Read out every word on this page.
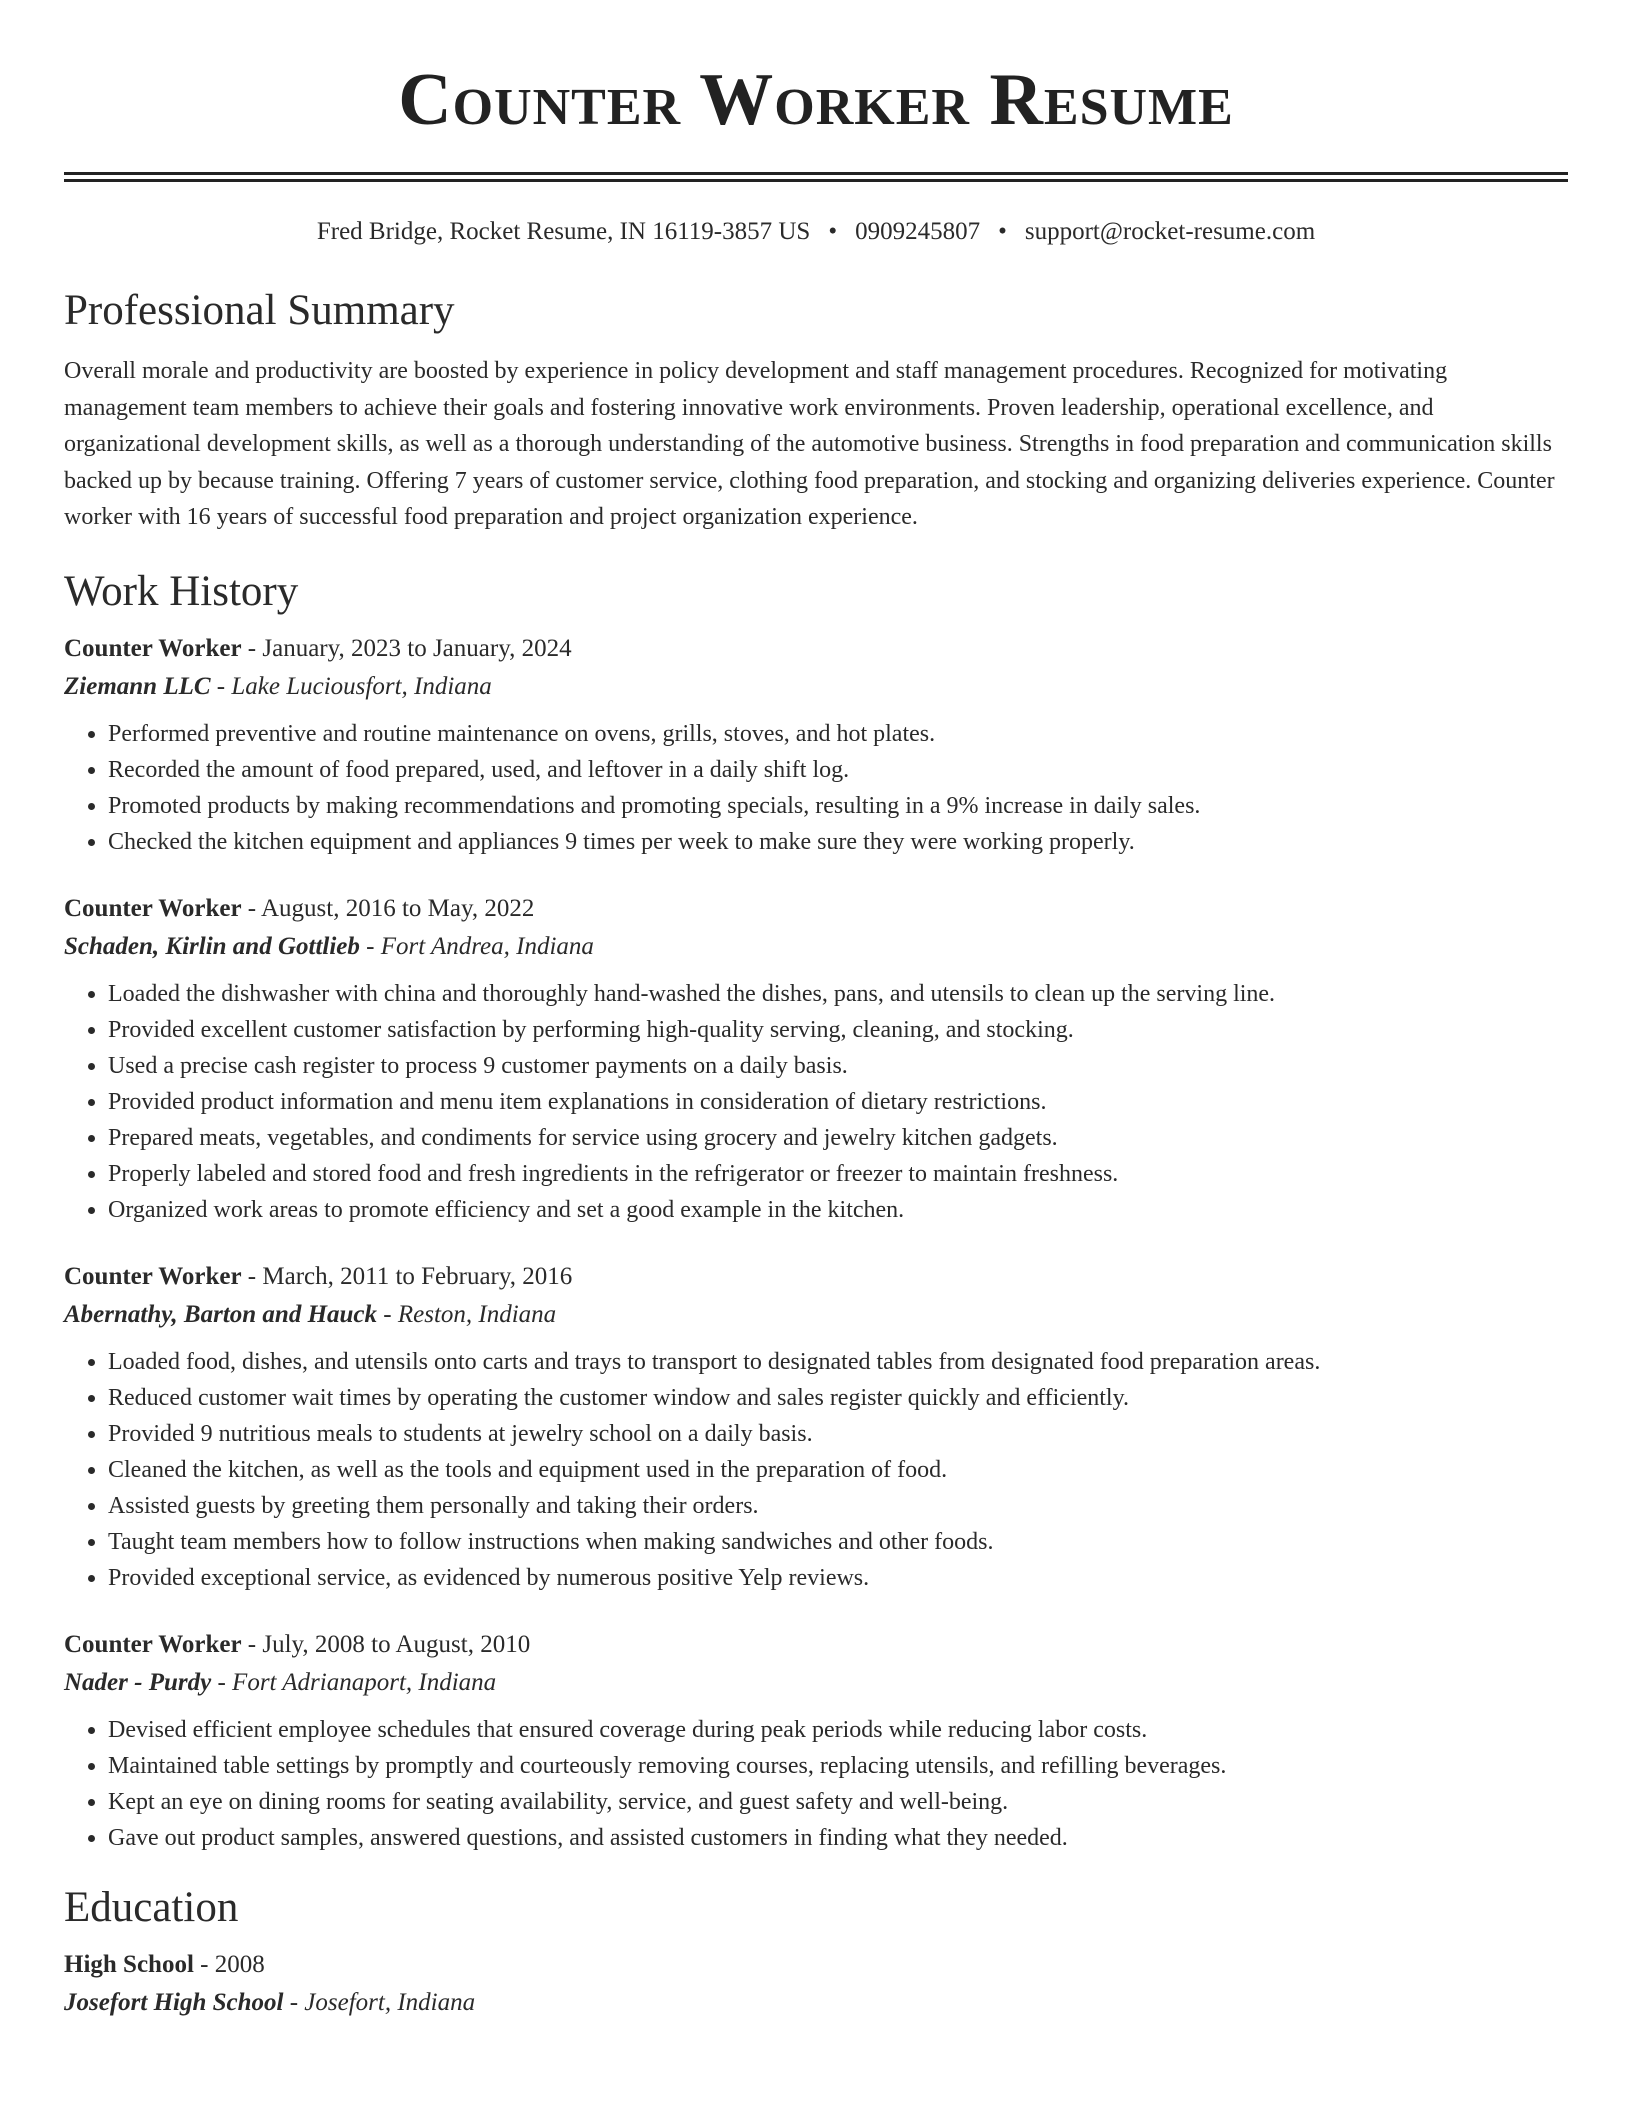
Counter Worker Resume
Fred Bridge, Rocket Resume, IN 16119-3857 US • 0909245807 • support@rocket-resume.com
Professional Summary
Overall morale and productivity are boosted by experience in policy development and staff management procedures. Recognized for motivating management team members to achieve their goals and fostering innovative work environments. Proven leadership, operational excellence, and organizational development skills, as well as a thorough understanding of the automotive business. Strengths in food preparation and communication skills backed up by because training. Offering 7 years of customer service, clothing food preparation, and stocking and organizing deliveries experience. Counter worker with 16 years of successful food preparation and project organization experience.
Work History
Counter Worker - January, 2023 to January, 2024
Ziemann LLC - Lake Luciousfort, Indiana
• Performed preventive and routine maintenance on ovens, grills, stoves, and hot plates.
• Recorded the amount of food prepared, used, and leftover in a daily shift log.
• Promoted products by making recommendations and promoting specials, resulting in a 9% increase in daily sales.
• Checked the kitchen equipment and appliances 9 times per week to make sure they were working properly.
Counter Worker - August, 2016 to May, 2022
Schaden, Kirlin and Gottlieb - Fort Andrea, Indiana
• Loaded the dishwasher with china and thoroughly hand-washed the dishes, pans, and utensils to clean up the serving line.
• Provided excellent customer satisfaction by performing high-quality serving, cleaning, and stocking.
• Used a precise cash register to process 9 customer payments on a daily basis.
• Provided product information and menu item explanations in consideration of dietary restrictions.
• Prepared meats, vegetables, and condiments for service using grocery and jewelry kitchen gadgets.
• Properly labeled and stored food and fresh ingredients in the refrigerator or freezer to maintain freshness.
• Organized work areas to promote efficiency and set a good example in the kitchen.
Counter Worker - March, 2011 to February, 2016
Abernathy, Barton and Hauck - Reston, Indiana
• Loaded food, dishes, and utensils onto carts and trays to transport to designated tables from designated food preparation areas.
• Reduced customer wait times by operating the customer window and sales register quickly and efficiently.
• Provided 9 nutritious meals to students at jewelry school on a daily basis.
• Cleaned the kitchen, as well as the tools and equipment used in the preparation of food.
• Assisted guests by greeting them personally and taking their orders.
• Taught team members how to follow instructions when making sandwiches and other foods.
• Provided exceptional service, as evidenced by numerous positive Yelp reviews.
Counter Worker - July, 2008 to August, 2010
Nader - Purdy - Fort Adrianaport, Indiana
• Devised efficient employee schedules that ensured coverage during peak periods while reducing labor costs.
• Maintained table settings by promptly and courteously removing courses, replacing utensils, and refilling beverages.
• Kept an eye on dining rooms for seating availability, service, and guest safety and well-being.
• Gave out product samples, answered questions, and assisted customers in finding what they needed.
Education
High School - 2008
Josefort High School - Josefort, Indiana
